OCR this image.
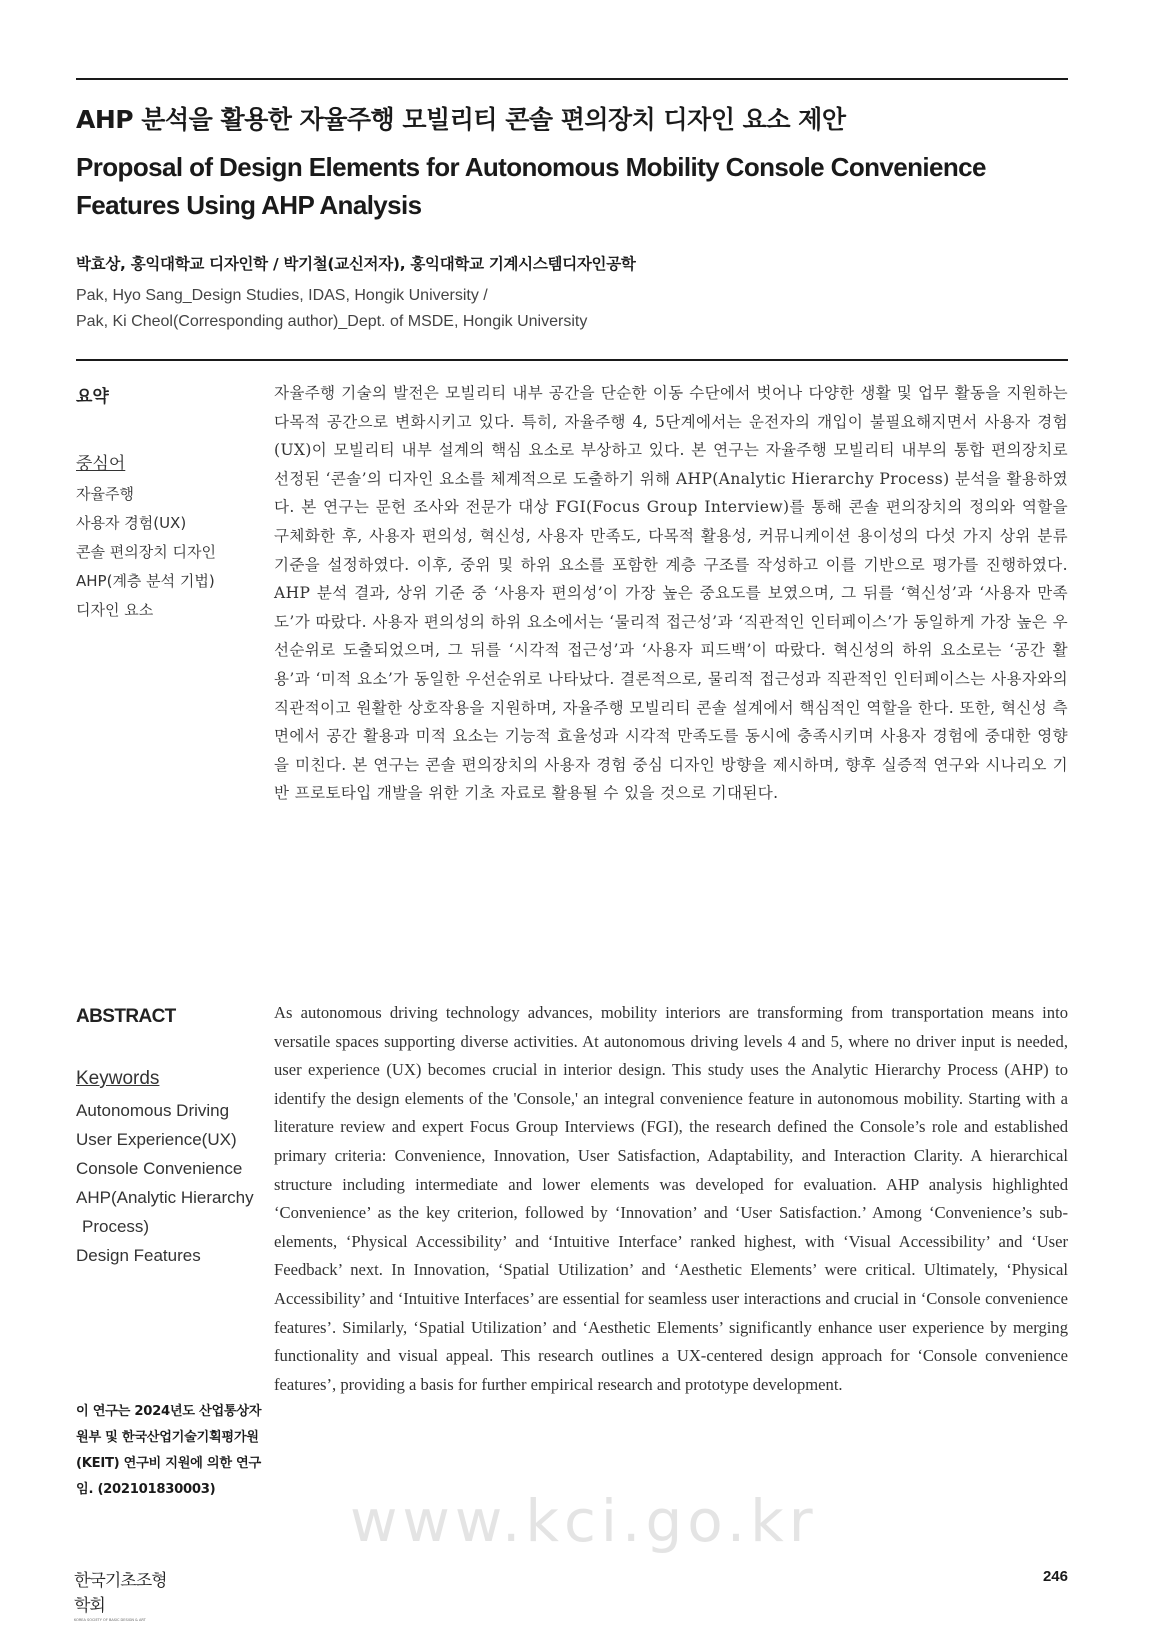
AHP 분석을 활용한 자율주행 모빌리티 콘솔 편의장치 디자인 요소 제안

Proposal of Design Elements for Autonomous Mobility Console Convenience Features Using AHP Analysis

박효상, 홍익대학교 디자인학 / 박기철(교신저자), 홍익대학교 기계시스템디자인공학

Pak, Hyo Sang_Design Studies, IDAS, Hongik University /

Pak, Ki Cheol(Corresponding author)_Dept. of MSDE, Hongik University

요약

중심어

자율주행
사용자 경험(UX)
콘솔 편의장치 디자인
AHP(계층 분석 기법)
디자인 요소

자율주행 기술의 발전은 모빌리티 내부 공간을 단순한 이동 수단에서 벗어나 다양한 생활 및 업무 활동을 지원하는 다목적 공간으로 변화시키고 있다. 특히, 자율주행 4, 5단계에서는 운전자의 개입이 불필요해지면서 사용자 경험(UX)이 모빌리티 내부 설계의 핵심 요소로 부상하고 있다. 본 연구는 자율주행 모빌리티 내부의 통합 편의장치로 선정된 ‘콘솔’의 디자인 요소를 체계적으로 도출하기 위해 AHP(Analytic Hierarchy Process) 분석을 활용하였다. 본 연구는 문헌 조사와 전문가 대상 FGI(Focus Group Interview)를 통해 콘솔 편의장치의 정의와 역할을 구체화한 후, 사용자 편의성, 혁신성, 사용자 만족도, 다목적 활용성, 커뮤니케이션 용이성의 다섯 가지 상위 분류 기준을 설정하였다. 이후, 중위 및 하위 요소를 포함한 계층 구조를 작성하고 이를 기반으로 평가를 진행하였다. AHP 분석 결과, 상위 기준 중 ‘사용자 편의성’이 가장 높은 중요도를 보였으며, 그 뒤를 ‘혁신성’과 ‘사용자 만족도’가 따랐다. 사용자 편의성의 하위 요소에서는 ‘물리적 접근성’과 ‘직관적인 인터페이스’가 동일하게 가장 높은 우선순위로 도출되었으며, 그 뒤를 ‘시각적 접근성’과 ‘사용자 피드백’이 따랐다. 혁신성의 하위 요소로는 ‘공간 활용’과 ‘미적 요소’가 동일한 우선순위로 나타났다. 결론적으로, 물리적 접근성과 직관적인 인터페이스는 사용자와의 직관적이고 원활한 상호작용을 지원하며, 자율주행 모빌리티 콘솔 설계에서 핵심적인 역할을 한다. 또한, 혁신성 측면에서 공간 활용과 미적 요소는 기능적 효율성과 시각적 만족도를 동시에 충족시키며 사용자 경험에 중대한 영향을 미친다. 본 연구는 콘솔 편의장치의 사용자 경험 중심 디자인 방향을 제시하며, 향후 실증적 연구와 시나리오 기반 프로토타입 개발을 위한 기초 자료로 활용될 수 있을 것으로 기대된다.

ABSTRACT

Keywords

Autonomous Driving
User Experience(UX)
Console Convenience
AHP(Analytic Hierarchy
Process)
Design Features

As autonomous driving technology advances, mobility interiors are transforming from transportation means into versatile spaces supporting diverse activities. At autonomous driving levels 4 and 5, where no driver input is needed, user experience (UX) becomes crucial in interior design. This study uses the Analytic Hierarchy Process (AHP) to identify the design elements of the 'Console,' an integral convenience feature in autonomous mobility. Starting with a literature review and expert Focus Group Interviews (FGI), the research defined the Console’s role and established primary criteria: Convenience, Innovation, User Satisfaction, Adaptability, and Interaction Clarity. A hierarchical structure including intermediate and lower elements was developed for evaluation. AHP analysis highlighted ‘Convenience’ as the key criterion, followed by ‘Innovation’ and ‘User Satisfaction.’ Among ‘Convenience’s sub-elements, ‘Physical Accessibility’ and ‘Intuitive Interface’ ranked highest, with ‘Visual Accessibility’ and ‘User Feedback’ next. In Innovation, ‘Spatial Utilization’ and ‘Aesthetic Elements’ were critical. Ultimately, ‘Physical Accessibility’ and ‘Intuitive Interfaces’ are essential for seamless user interactions and crucial in ‘Console convenience features’. Similarly, ‘Spatial Utilization’ and ‘Aesthetic Elements’ significantly enhance user experience by merging functionality and visual appeal. This research outlines a UX-centered design approach for ‘Console convenience features’, providing a basis for further empirical research and prototype development.

이 연구는 2024년도 산업통상자원부 및 한국산업기술기획평가원(KEIT) 연구비 지원에 의한 연구임. (202101830003)	www.kci.go.kr

한국기초조형학회
KOREA SOCIETY OF BASIC DESIGN & ART

246
